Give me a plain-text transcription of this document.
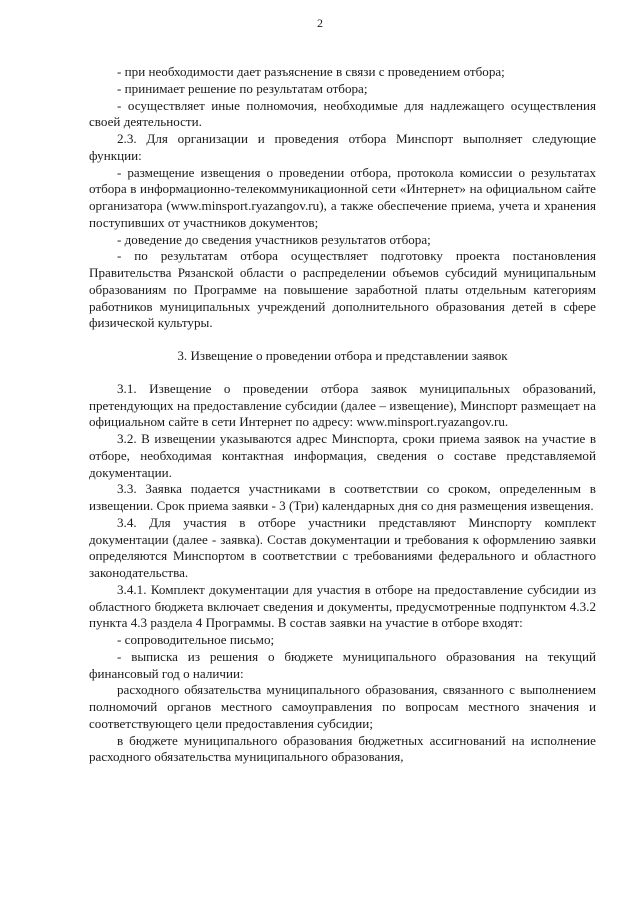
2

- при необходимости дает разъяснение в связи с проведением отбора;

- принимает решение по результатам отбора;

- осуществляет иные полномочия, необходимые для надлежащего осуществления своей деятельности.

2.3. Для организации и проведения отбора Минспорт выполняет следующие функции:

- размещение извещения о проведении отбора, протокола комиссии о результатах отбора в информационно-телекоммуникационной сети «Интернет» на официальном сайте организатора (www.minsport.ryazangov.ru), а также обеспечение приема, учета и хранения поступивших от участников документов;

- доведение до сведения участников результатов отбора;

- по результатам отбора осуществляет подготовку проекта постановления Правительства Рязанской области о распределении объемов субсидий муниципальным образованиям по Программе на повышение заработной платы отдельным категориям работников муниципальных учреждений дополнительного образования детей в сфере физической культуры.

3. Извещение о проведении отбора и представлении заявок

3.1. Извещение о проведении отбора заявок муниципальных образований, претендующих на предоставление субсидии (далее – извещение), Минспорт размещает на официальном сайте в сети Интернет по адресу: www.minsport.ryazangov.ru.

3.2. В извещении указываются адрес Минспорта, сроки приема заявок на участие в отборе, необходимая контактная информация, сведения о составе представляемой документации.

3.3. Заявка подается участниками в соответствии со сроком, определенным в извещении. Срок приема заявки - 3 (Три) календарных дня со дня размещения извещения.

3.4. Для участия в отборе участники представляют Минспорту комплект документации (далее - заявка). Состав документации и требования к оформлению заявки определяются Минспортом в соответствии с требованиями федерального и областного законодательства.

3.4.1. Комплект документации для участия в отборе на предоставление субсидии из областного бюджета включает сведения и документы, предусмотренные подпунктом 4.3.2 пункта 4.3 раздела 4 Программы. В состав заявки на участие в отборе входят:

- сопроводительное письмо;

- выписка из решения о бюджете муниципального образования на текущий финансовый год о наличии:

расходного обязательства муниципального образования, связанного с выполнением полномочий органов местного самоуправления по вопросам местного значения и соответствующего цели предоставления субсидии;

в бюджете муниципального образования бюджетных ассигнований на исполнение расходного обязательства муниципального образования,
